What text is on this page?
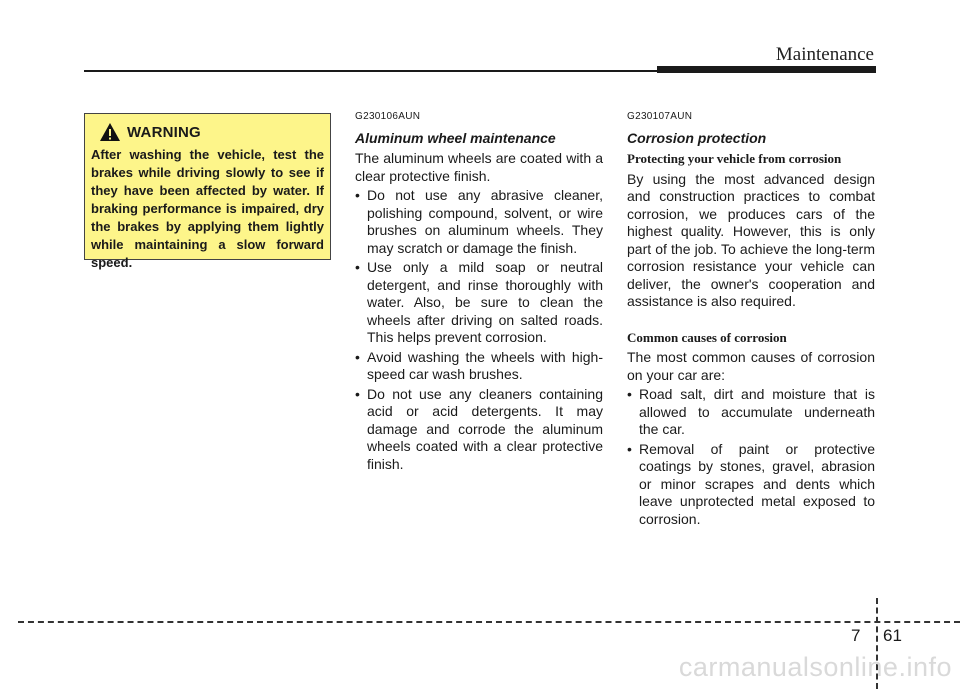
Maintenance
WARNING
After washing the vehicle, test the brakes while driving slowly to see if they have been affected by water. If braking performance is impaired, dry the brakes by applying them lightly while maintaining a slow forward speed.
G230106AUN
Aluminum wheel maintenance

The aluminum wheels are coated with a clear protective finish.

• Do not use any abrasive cleaner, polishing compound, solvent, or wire brushes on aluminum wheels. They may scratch or damage the finish.
• Use only a mild soap or neutral detergent, and rinse thoroughly with water. Also, be sure to clean the wheels after driving on salted roads. This helps prevent corrosion.
• Avoid washing the wheels with high-speed car wash brushes.
• Do not use any cleaners containing acid or acid detergents. It may damage and corrode the aluminum wheels coated with a clear protective finish.
G230107AUN
Corrosion protection
Protecting your vehicle from corrosion

By using the most advanced design and construction practices to combat corrosion, we produces cars of the highest quality. However, this is only part of the job. To achieve the long-term corrosion resistance your vehicle can deliver, the owner's cooperation and assistance is also required.

Common causes of corrosion

The most common causes of corrosion on your car are:

• Road salt, dirt and moisture that is allowed to accumulate underneath the car.
• Removal of paint or protective coatings by stones, gravel, abrasion or minor scrapes and dents which leave unprotected metal exposed to corrosion.
7 61
carmanualsonline.info
